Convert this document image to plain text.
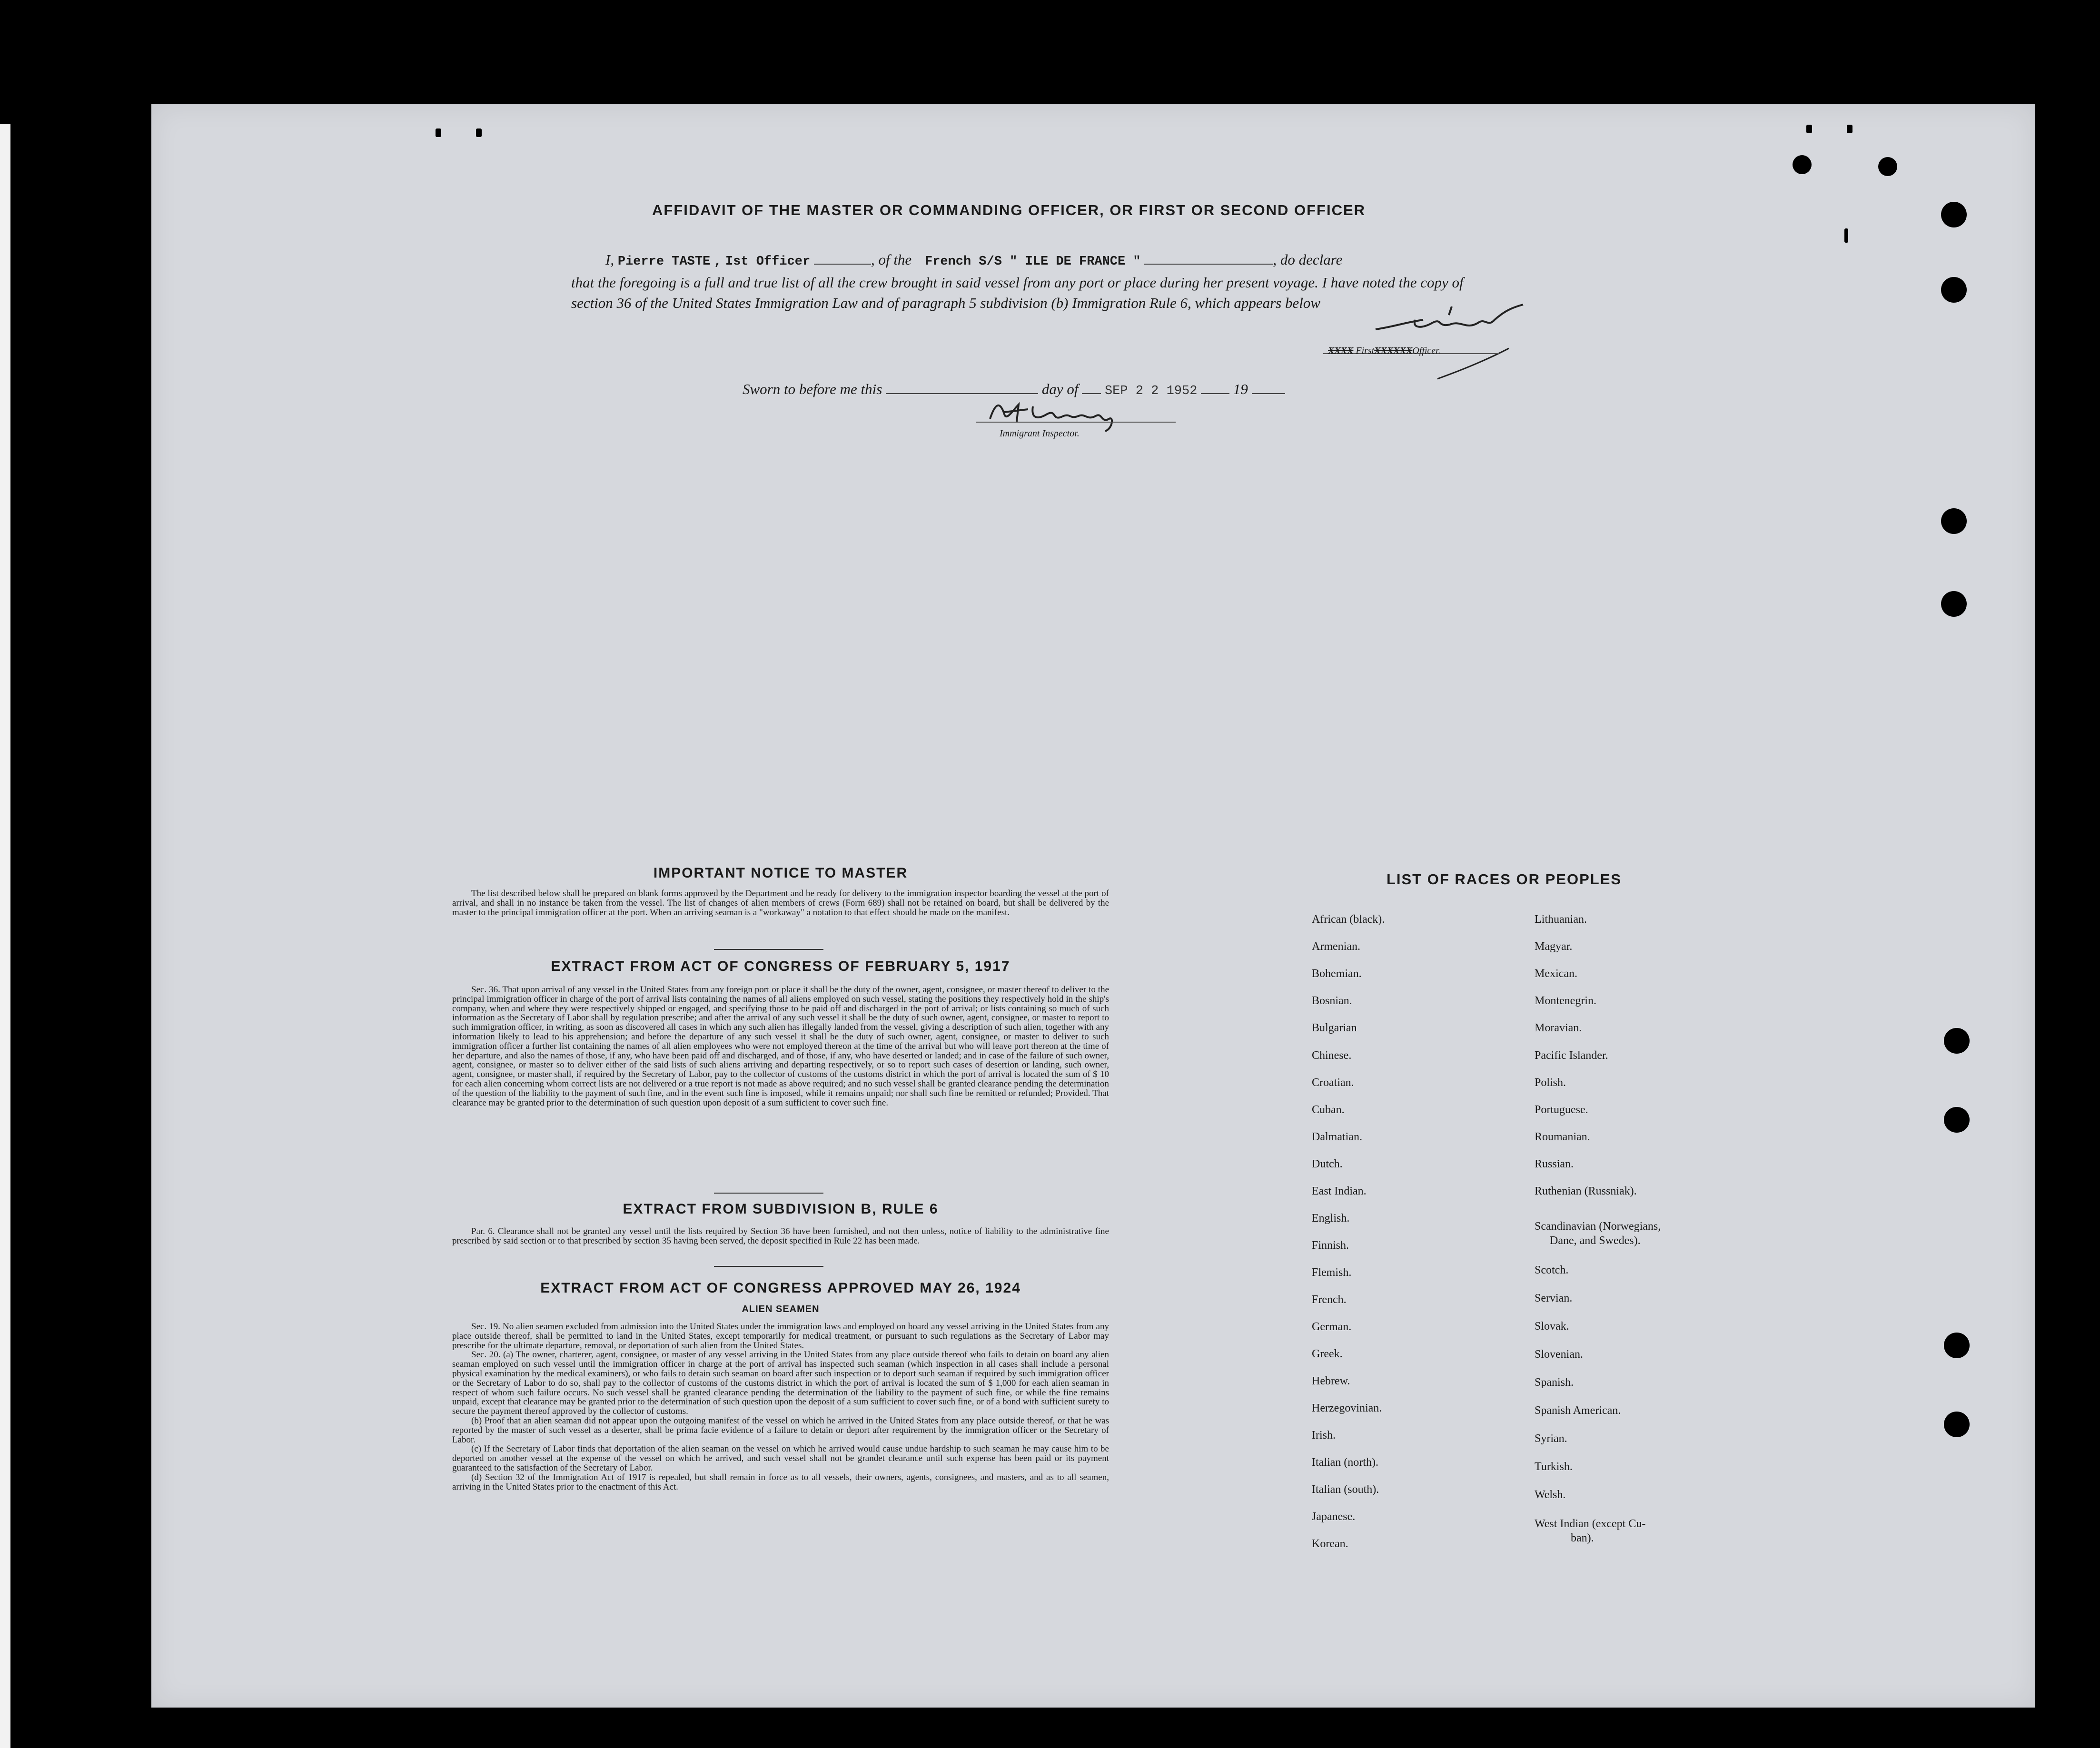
AFFIDAVIT OF THE MASTER OR COMMANDING OFFICER, OR FIRST OR SECOND OFFICER
I, Pierre TASTE , Ist Officer	, of the French S/S " ILE DE FRANCE "	, do declare
that the foregoing is a full and true list of all the crew brought in said vessel from any port or place during her present voyage. I have noted the copy of section 36 of the United States Immigration Law and of paragraph 5 subdivision (b) Immigration Rule 6, which appears below
XXXX FirstXXXXXXOfficer.
Sworn to before me this	day of SEP 2 2 1952 19
Immigrant Inspector.
IMPORTANT NOTICE TO MASTER

The list described below shall be prepared on blank forms approved by the Department and be ready for delivery to the immigration inspector boarding the vessel at the port of arrival, and shall in no instance be taken from the vessel. The list of changes of alien members of crews (Form 689) shall not be retained on board, but shall be delivered by the master to the principal immigration officer at the port. When an arriving seaman is a "workaway" a notation to that effect should be made on the manifest.

EXTRACT FROM ACT OF CONGRESS OF FEBRUARY 5, 1917

Sec. 36. That upon arrival of any vessel in the United States from any foreign port or place it shall be the duty of the owner, agent, consignee, or master thereof to deliver to the principal immigration officer in charge of the port of arrival lists containing the names of all aliens employed on such vessel, stating the positions they respectively hold in the ship's company, when and where they were respectively shipped or engaged, and specifying those to be paid off and discharged in the port of arrival; or lists containing so much of such information as the Secretary of Labor shall by regulation prescribe; and after the arrival of any such vessel it shall be the duty of such owner, agent, consignee, or master to report to such immigration officer, in writing, as soon as discovered all cases in which any such alien has illegally landed from the vessel, giving a description of such alien, together with any information likely to lead to his apprehension; and before the departure of any such vessel it shall be the duty of such owner, agent, consignee, or master to deliver to such immigration officer a further list containing the names of all alien employees who were not employed thereon at the time of the arrival but who will leave port thereon at the time of her departure, and also the names of those, if any, who have been paid off and discharged, and of those, if any, who have deserted or landed; and in case of the failure of such owner, agent, consignee, or master so to deliver either of the said lists of such aliens arriving and departing respectively, or so to report such cases of desertion or landing, such owner, agent, consignee, or master shall, if required by the Secretary of Labor, pay to the collector of customs of the customs district in which the port of arrival is located the sum of $ 10 for each alien concerning whom correct lists are not delivered or a true report is not made as above required; and no such vessel shall be granted clearance pending the determination of the question of the liability to the payment of such fine, and in the event such fine is imposed, while it remains unpaid; nor shall such fine be remitted or refunded; Provided. That clearance may be granted prior to the determination of such question upon deposit of a sum sufficient to cover such fine.

EXTRACT FROM SUBDIVISION B, RULE 6

Par. 6. Clearance shall not be granted any vessel until the lists required by Section 36 have been furnished, and not then unless, notice of liability to the administrative fine prescribed by said section or to that prescribed by section 35 having been served, the deposit specified in Rule 22 has been made.

EXTRACT FROM ACT OF CONGRESS APPROVED MAY 26, 1924
ALIEN SEAMEN

Sec. 19. No alien seamen excluded from admission into the United States under the immigration laws and employed on board any vessel arriving in the United States from any place outside thereof, shall be permitted to land in the United States, except temporarily for medical treatment, or pursuant to such regulations as the Secretary of Labor may prescribe for the ultimate departure, removal, or deportation of such alien from the United States.

Sec. 20. (a) The owner, charterer, agent, consignee, or master of any vessel arriving in the United States from any place outside thereof who fails to detain on board any alien seaman employed on such vessel until the immigration officer in charge at the port of arrival has inspected such seaman (which inspection in all cases shall include a personal physical examination by the medical examiners), or who fails to detain such seaman on board after such inspection or to deport such seaman if required by such immigration officer or the Secretary of Labor to do so, shall pay to the collector of customs of the customs district in which the port of arrival is located the sum of $ 1,000 for each alien seaman in respect of whom such failure occurs. No such vessel shall be granted clearance pending the determination of the liability to the payment of such fine, or while the fine remains unpaid, except that clearance may be granted prior to the determination of such question upon the deposit of a sum sufficient to cover such fine, or of a bond with sufficient surety to secure the payment thereof approved by the collector of customs.

(b) Proof that an alien seaman did not appear upon the outgoing manifest of the vessel on which he arrived in the United States from any place outside thereof, or that he was reported by the master of such vessel as a deserter, shall be prima facie evidence of a failure to detain or deport after requirement by the immigration officer or the Secretary of Labor.

(c) If the Secretary of Labor finds that deportation of the alien seaman on the vessel on which he arrived would cause undue hardship to such seaman he may cause him to be deported on another vessel at the expense of the vessel on which he arrived, and such vessel shall not be grandet clearance until such expense has been paid or its payment guaranteed to the satisfaction of the Secretary of Labor.

(d) Section 32 of the Immigration Act of 1917 is repealed, but shall remain in force as to all vessels, their owners, agents, consignees, and masters, and as to all seamen, arriving in the United States prior to the enactment of this Act.

LIST OF RACES OR PEOPLES
African (black).
Armenian.
Bohemian.
Bosnian.
Bulgarian
Chinese.
Croatian.
Cuban.
Dalmatian.
Dutch.
East Indian.
English.
Finnish.
Flemish.
French.
German.
Greek.
Hebrew.
Herzegovinian.
Irish.
Italian (north).
Italian (south).
Japanese.
Korean.
Lithuanian.
Magyar.
Mexican.
Montenegrin.
Moravian.
Pacific Islander.
Polish.
Portuguese.
Roumanian.
Russian.
Ruthenian (Russniak).
Scandinavian (Norwegians,
Dane, and Swedes).
Scotch.
Servian.
Slovak.
Slovenian.
Spanish.
Spanish American.
Syrian.
Turkish.
Welsh.
West Indian (except Cu-
ban).
